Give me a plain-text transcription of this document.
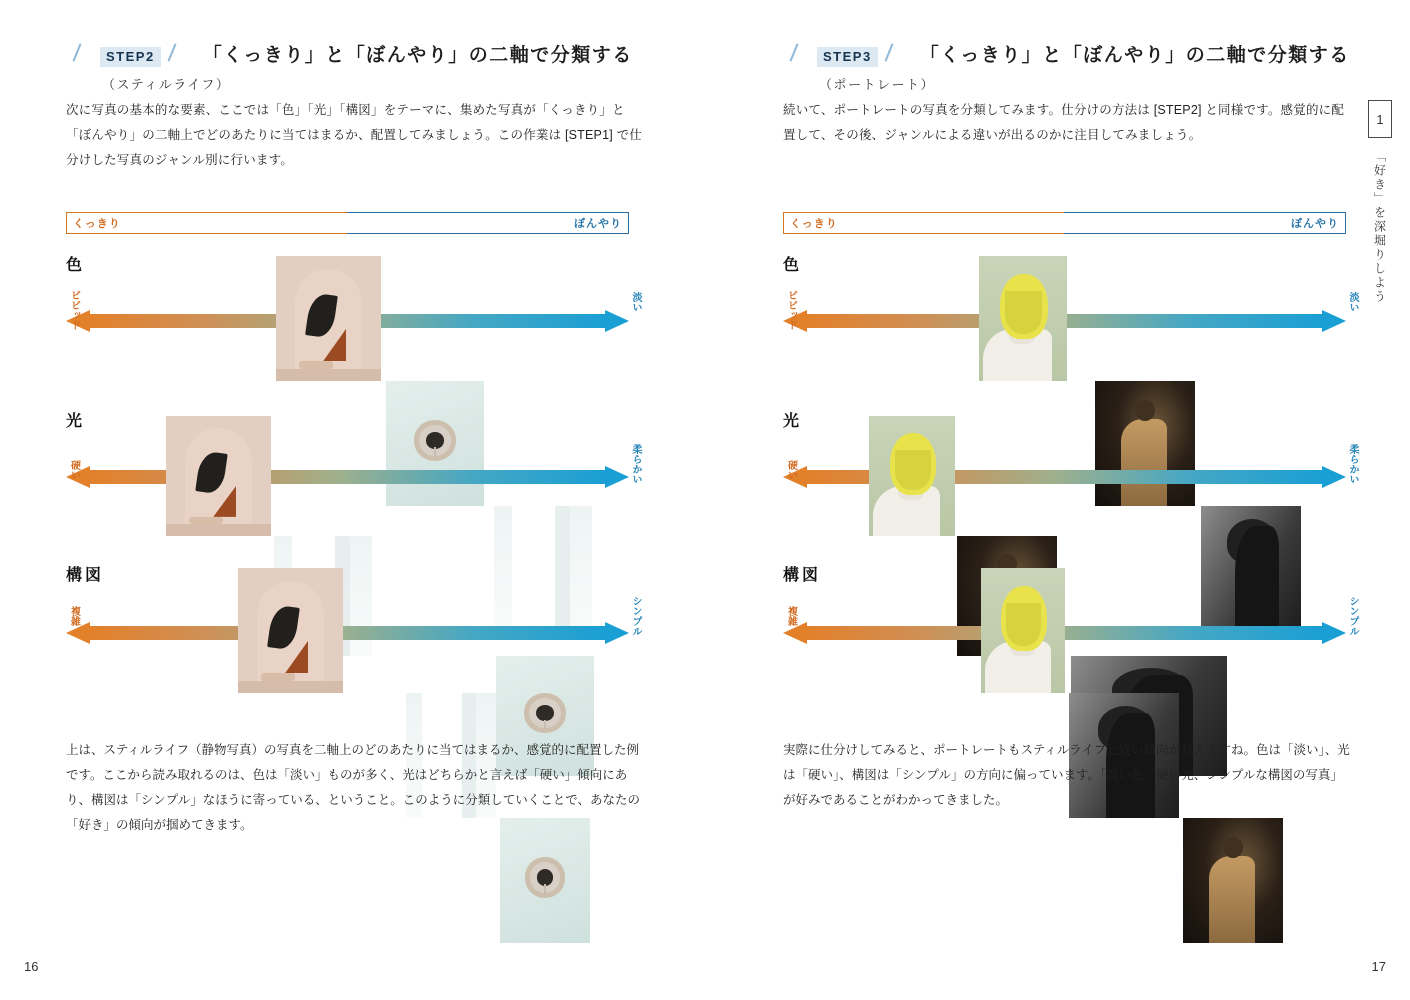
STEP2	「くっきり」と「ぼんやり」の二軸で分類する
（スティルライフ）
次に写真の基本的な要素、ここでは「色」「光」「構図」をテーマに、集めた写真が「くっきり」と「ぼんやり」の二軸上でどのあたりに当てはまるか、配置してみましょう。この作業は [STEP1] で仕分けした写真のジャンル別に行います。
くっきり	ぼんやり
色
ビビッド	淡い
光
硬い	柔らかい
構図
複雑	シンプル
上は、スティルライフ（静物写真）の写真を二軸上のどのあたりに当てはまるか、感覚的に配置した例です。ここから読み取れるのは、色は「淡い」ものが多く、光はどちらかと言えば「硬い」傾向にあり、構図は「シンプル」なほうに寄っている、ということ。このように分類していくことで、あなたの「好き」の傾向が掴めてきます。
16
STEP3	「くっきり」と「ぼんやり」の二軸で分類する
（ポートレート）
続いて、ポートレートの写真を分類してみます。仕分けの方法は [STEP2] と同様です。感覚的に配置して、その後、ジャンルによる違いが出るのかに注目してみましょう。
くっきり	ぼんやり
色
ビビッド	淡い
光
硬い	柔らかい
構図
複雑	シンプル
実際に仕分けしてみると、ポートレートもスティルライフと近い傾向が見えますね。色は「淡い」、光は「硬い」、構図は「シンプル」の方向に偏っています。「淡い色、硬い光、シンプルな構図の写真」が好みであることがわかってきました。
1
「好き」を深堀りしよう
17
